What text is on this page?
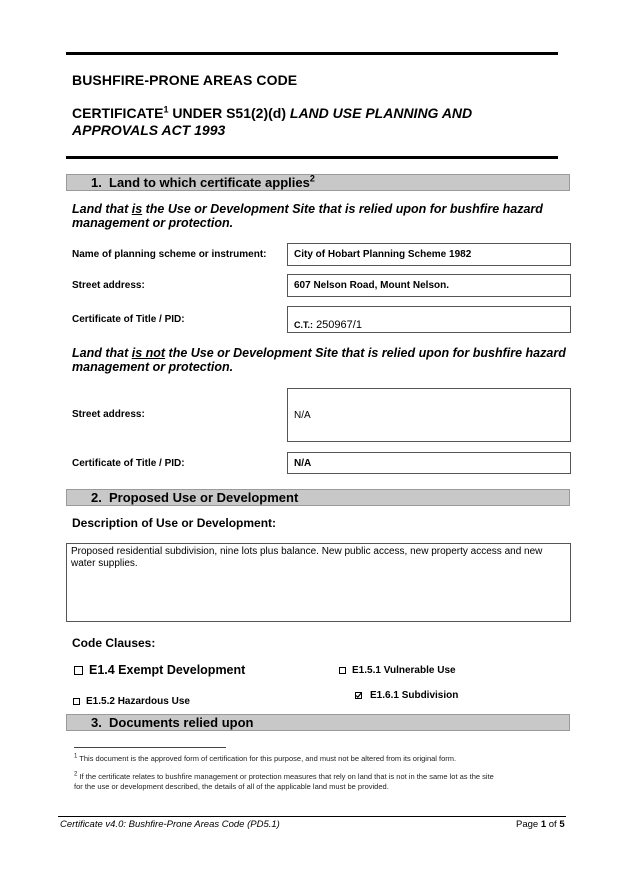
BUSHFIRE-PRONE AREAS CODE
CERTIFICATE$^1$ UNDER S51(2)(d) LAND USE PLANNING AND
APPROVALS ACT 1993
1. Land to which certificate applies$^2$
Land that is the Use or Development Site that is relied upon for bushfire hazard
management or protection.
Name of planning scheme or instrument:	City of Hobart Planning Scheme 1982
Street address:	607 Nelson Road, Mount Nelson.
Certificate of Title / PID:	C.T.: 250967/1
Land that is not the Use or Development Site that is relied upon for bushfire hazard
management or protection.
Street address:	N/A
Certificate of Title / PID:	N/A
2. Proposed Use or Development
Description of Use or Development:
Proposed residential subdivision, nine lots plus balance. New public access, new property access and new water supplies.
Code Clauses:
E1.4 Exempt Development	E1.5.1 Vulnerable Use
E1.5.2 Hazardous Use
E1.6.1 Subdivision
3. Documents relied upon
$^1$ This document is the approved form of certification for this purpose, and must not be altered from its original form.
$^2$ If the certificate relates to bushfire management or protection measures that rely on land that is not in the same lot as the site
for the use or development described, the details of all of the applicable land must be provided.
Certificate v4.0: Bushfire-Prone Areas Code (PD5.1)	Page 1 of 5
